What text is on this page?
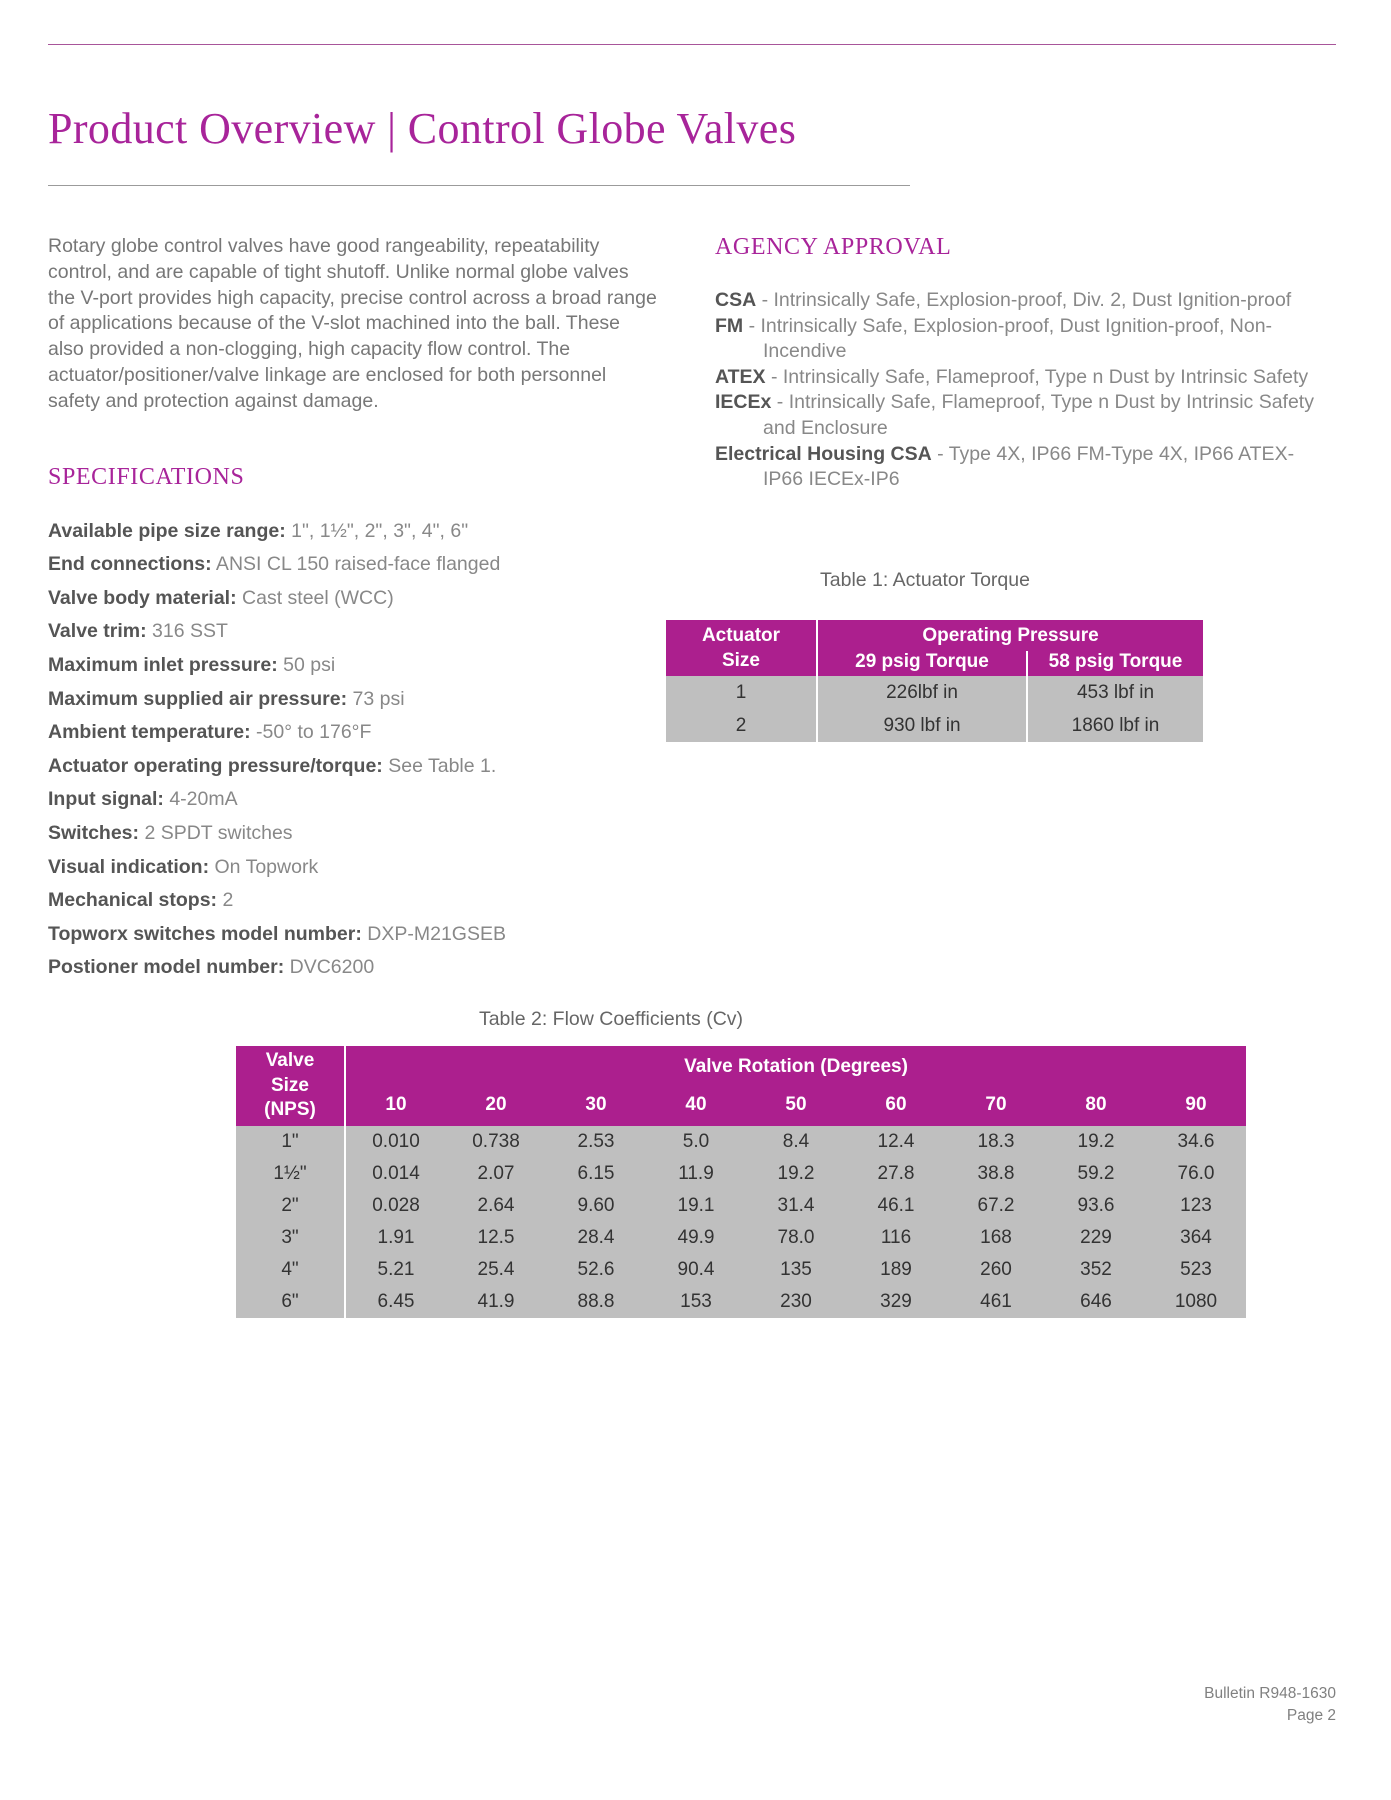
Product Overview | Control Globe Valves

Rotary globe control valves have good rangeability, repeatability control, and are capable of tight shutoff. Unlike normal globe valves the V-port provides high capacity, precise control across a broad range of applications because of the V-slot machined into the ball. These also provided a non-clogging, high capacity flow control. The actuator/positioner/valve linkage are enclosed for both personnel safety and protection against damage.

SPECIFICATIONS
Available pipe size range: 1", 1½", 2", 3", 4", 6"
End connections: ANSI CL 150 raised-face flanged
Valve body material: Cast steel (WCC)
Valve trim: 316 SST
Maximum inlet pressure: 50 psi
Maximum supplied air pressure: 73 psi
Ambient temperature: -50° to 176°F
Actuator operating pressure/torque: See Table 1.
Input signal: 4-20mA
Switches: 2 SPDT switches
Visual indication: On Topwork
Mechanical stops: 2
Topworx switches model number: DXP-M21GSEB
Postioner model number: DVC6200
AGENCY APPROVAL
CSA - Intrinsically Safe, Explosion-proof, Div. 2, Dust Ignition-proof
FM - Intrinsically Safe, Explosion-proof, Dust Ignition-proof, Non-Incendive
ATEX - Intrinsically Safe, Flameproof, Type n Dust by Intrinsic Safety
IECEx - Intrinsically Safe, Flameproof, Type n Dust by Intrinsic Safety and Enclosure
Electrical Housing CSA - Type 4X, IP66 FM-Type 4X, IP66 ATEX-IP66 IECEx-IP6
Table 1: Actuator Torque
Actuator
Size	Operating Pressure	
	29 psig Torque	58 psig Torque
1	226lbf in	453 lbf in
2	930 lbf in	1860 lbf in
Table 2: Flow Coefficients (Cv)
Valve
Size
(NPS)	Valve Rotation (Degrees)								
	10	20	30	40	50	60	70	80	90
1"	0.010	0.738	2.53	5.0	8.4	12.4	18.3	19.2	34.6
1½"	0.014	2.07	6.15	11.9	19.2	27.8	38.8	59.2	76.0
2"	0.028	2.64	9.60	19.1	31.4	46.1	67.2	93.6	123
3"	1.91	12.5	28.4	49.9	78.0	116	168	229	364
4"	5.21	25.4	52.6	90.4	135	189	260	352	523
6"	6.45	41.9	88.8	153	230	329	461	646	1080
Bulletin R948-1630
Page 2
